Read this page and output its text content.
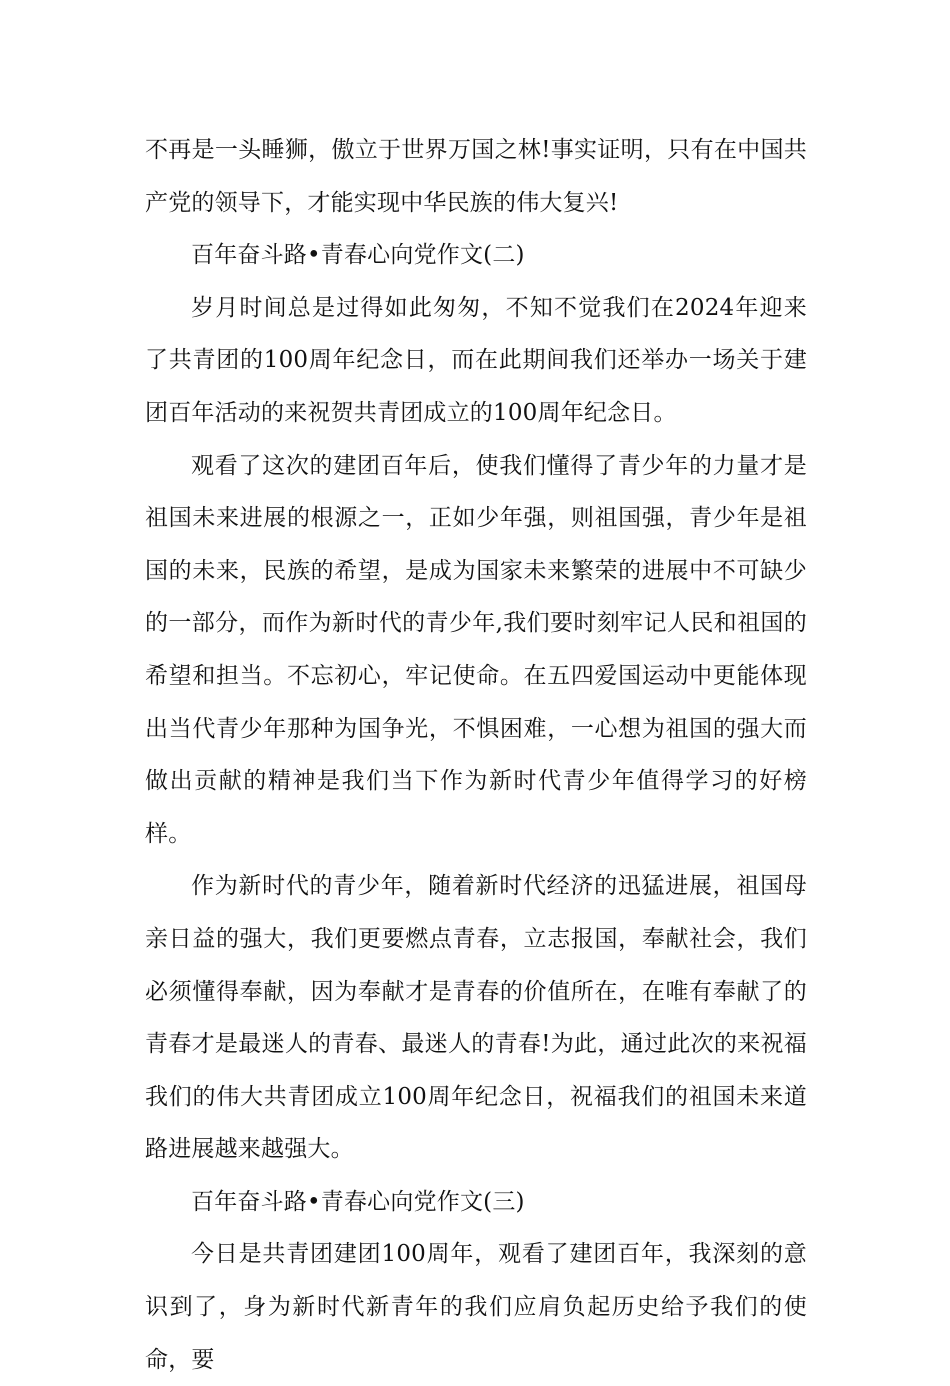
不再是一头睡狮，傲立于世界万国之林!事实证明，只有在中国共产党的领导下，才能实现中华民族的伟大复兴!

百年奋斗路•青春心向党作文(二)

岁月时间总是过得如此匆匆，不知不觉我们在2024年迎来了共青团的100周年纪念日，而在此期间我们还举办一场关于建团百年活动的来祝贺共青团成立的100周年纪念日。

观看了这次的建团百年后，使我们懂得了青少年的力量才是祖国未来进展的根源之一，正如少年强，则祖国强，青少年是祖国的未来，民族的希望，是成为国家未来繁荣的进展中不可缺少的一部分，而作为新时代的青少年,我们要时刻牢记人民和祖国的希望和担当。不忘初心，牢记使命。在五四爱国运动中更能体现出当代青少年那种为国争光，不惧困难，一心想为祖国的强大而做出贡献的精神是我们当下作为新时代青少年值得学习的好榜样。

作为新时代的青少年，随着新时代经济的迅猛进展，祖国母亲日益的强大，我们更要燃点青春，立志报国，奉献社会，我们必须懂得奉献，因为奉献才是青春的价值所在，在唯有奉献了的青春才是最迷人的青春、最迷人的青春!为此，通过此次的来祝福我们的伟大共青团成立100周年纪念日，祝福我们的祖国未来道路进展越来越强大。

百年奋斗路•青春心向党作文(三)

今日是共青团建团100周年，观看了建团百年，我深刻的意识到了，身为新时代新青年的我们应肩负起历史给予我们的使命，要
